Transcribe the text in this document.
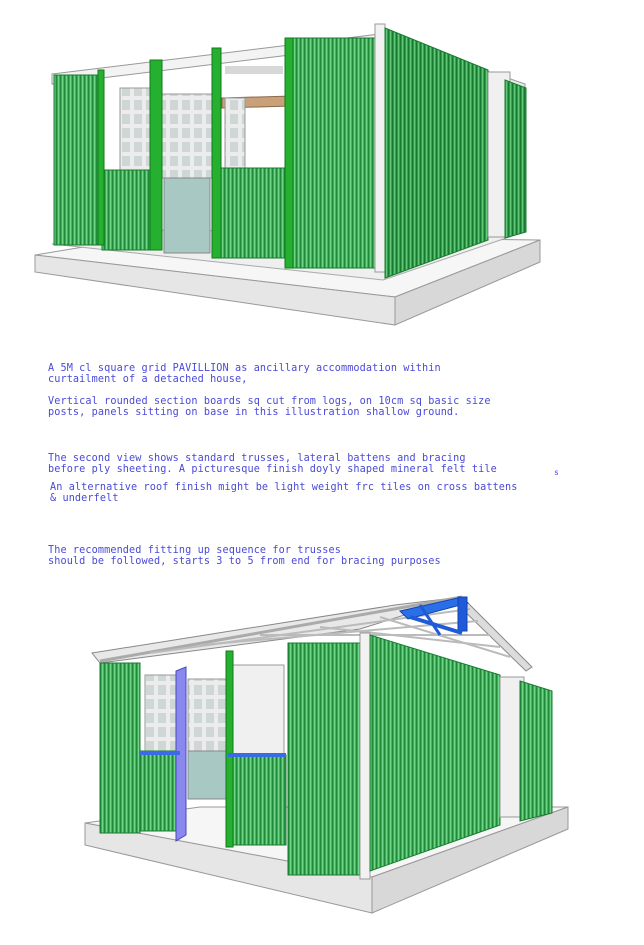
A 5M cl square grid PAVILLION as ancillary accommodation within

curtailment of a detached house,

Vertical rounded section boards sq cut from logs, on 10cm sq basic size

posts, panels sitting on base in this illustration shallow ground.

The second view shows standard trusses, lateral battens and bracing

before ply sheeting. A picturesque finish doyly shaped mineral felt tile	s

An alternative roof finish might be light weight frc tiles on cross battens

& underfelt

The recommended fitting up sequence for trusses

should be followed, starts 3 to 5 from end for bracing purposes
